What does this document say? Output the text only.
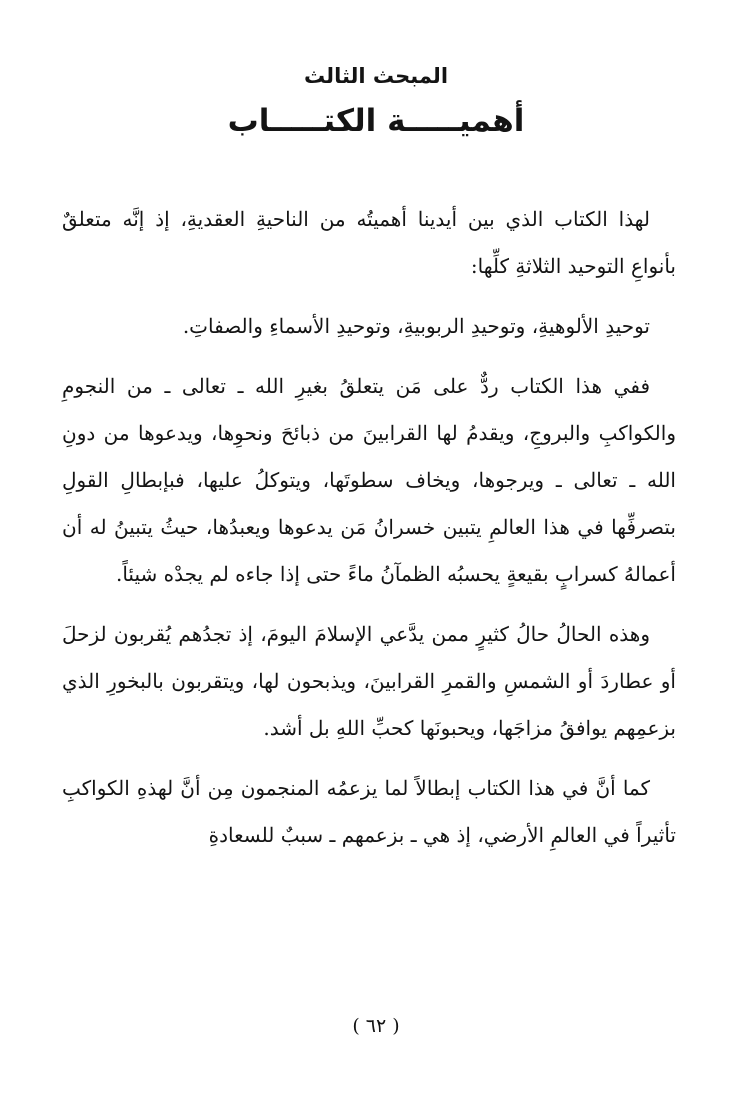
المبحث الثالث
أهميـــــة الكتـــــاب

لهذا الكتاب الذي بين أيدينا أهميتُه من الناحيةِ العقديةِ، إذ إنَّه متعلقٌ بأنواعِ التوحيد الثلاثةِ كلِّها:

توحيدِ الألوهيةِ، وتوحيدِ الربوبيةِ، وتوحيدِ الأسماءِ والصفاتِ.

ففي هذا الكتاب ردٌّ على مَن يتعلقُ بغيرِ الله ـ تعالى ـ من النجومِ والكواكبِ والبروجِ، ويقدمُ لها القرابينَ من ذبائحَ ونحوِها، ويدعوها من دونِ الله ـ تعالى ـ ويرجوها، ويخاف سطوتَها، ويتوكلُ عليها، فبإبطالِ القولِ بتصرفِّها في هذا العالمِ يتبين خسرانُ مَن يدعوها ويعبدُها، حيثُ يتبينُ له أن أعمالهُ كسرابٍ بقيعةٍ يحسبُه الظمآنُ ماءً حتى إذا جاءه لم يجدْه شيئاً.

وهذه الحالُ حالُ كثيرٍ ممن يدَّعي الإسلامَ اليومَ، إذ تجدُهم يُقربون لزحلَ أو عطاردَ أو الشمسِ والقمرِ القرابينَ، ويذبحون لها، ويتقربون بالبخورِ الذي بزعمِهم يوافقُ مزاجَها، ويحبونَها كحبِّ اللهِ بل أشد.

كما أنَّ في هذا الكتاب إبطالاً لما يزعمُه المنجمون مِن أنَّ لهذهِ الكواكبِ تأثيراً في العالمِ الأرضي، إذ هي ـ بزعمهم ـ سببٌ للسعادةِ

( ٦٢ )
